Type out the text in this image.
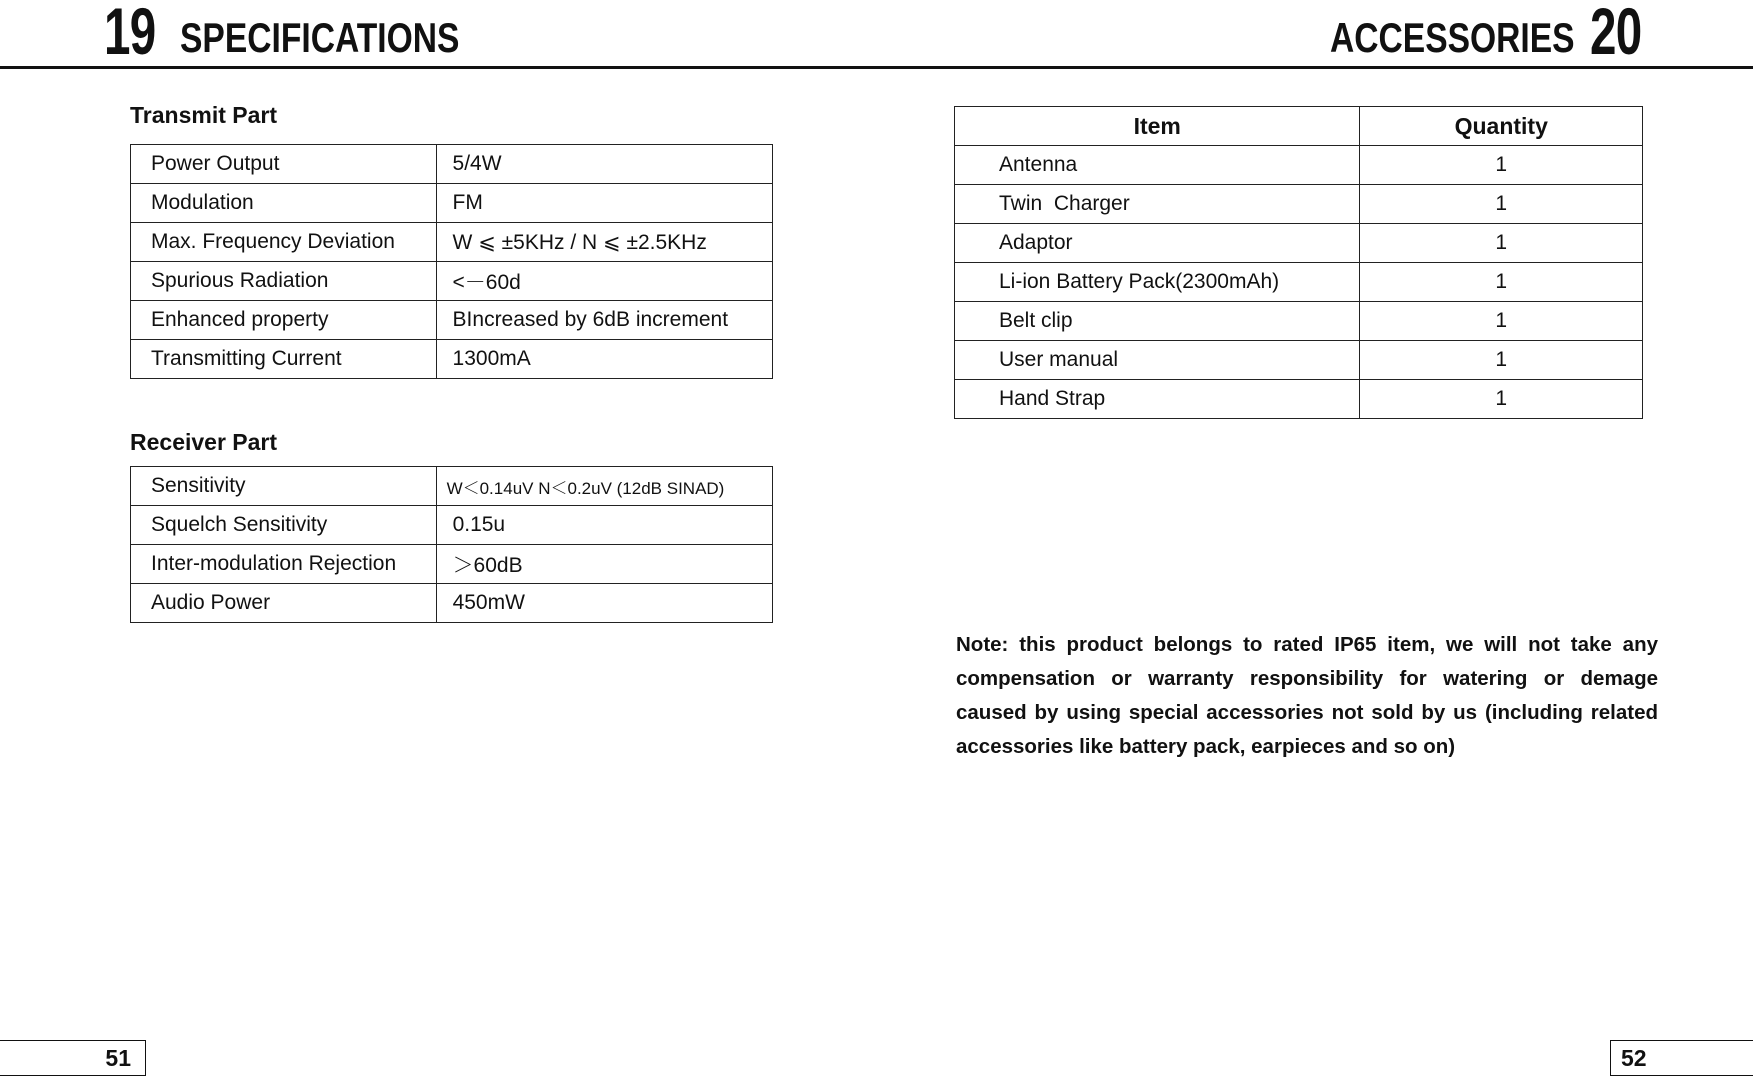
19 SPECIFICATIONS	ACCESSORIES 20
Transmit Part
Power Output	5/4W
Modulation	FM
Max. Frequency Deviation	W ⩽ ±5KHz / N ⩽ ±2.5KHz
Spurious Radiation	<－60d
Enhanced property	BIncreased by 6dB increment
Transmitting Current	1300mA
Receiver Part
Sensitivity	W＜0.14uV N＜0.2uV (12dB SINAD)
Squelch Sensitivity	0.15u
Inter-modulation Rejection	＞60dB
Audio Power	450mW
Item	Quantity
Antenna	1
Twin  Charger	1
Adaptor	1
Li-ion Battery Pack(2300mAh)	1
Belt clip	1
User manual	1
Hand Strap	1
Note: this product belongs to rated IP65 item, we will not take any compensation or warranty responsibility for watering or demage caused by using special accessories not sold by us (including related accessories like battery pack, earpieces and so on)
51	52
